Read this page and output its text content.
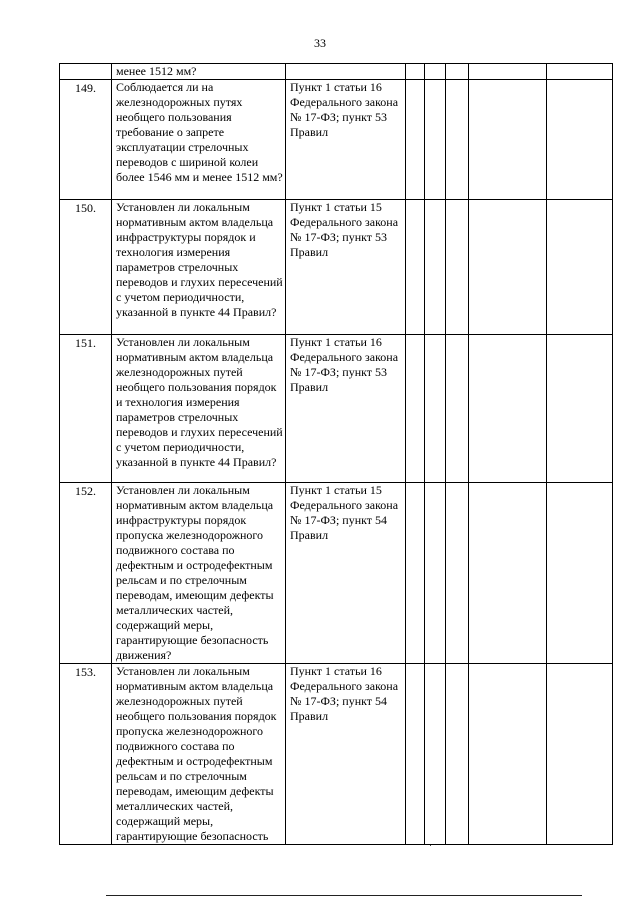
33

	менее 1512 мм?						

149.	Соблюдается ли на железнодорожных путях необщего пользования требование о запрете эксплуатации стрелочных переводов с шириной колеи более 1546 мм и менее 1512 мм?	Пункт 1 статьи 16 Федерального закона № 17-ФЗ; пункт 53 Правил					

150.	Установлен ли локальным нормативным актом владельца инфраструктуры порядок и технология измерения параметров стрелочных переводов и глухих пересечений с учетом периодичности, указанной в пункте 44 Правил?	Пункт 1 статьи 15 Федерального закона № 17-ФЗ; пункт 53 Правил					

151.	Установлен ли локальным нормативным актом владельца железнодорожных путей необщего пользования порядок и технология измерения параметров стрелочных переводов и глухих пересечений с учетом периодичности, указанной в пункте 44 Правил?	Пункт 1 статьи 16 Федерального закона № 17-ФЗ; пункт 53 Правил					

152.	Установлен ли локальным нормативным актом владельца инфраструктуры порядок пропуска железнодорожного подвижного состава по дефектным и остродефектным рельсам и по стрелочным переводам, имеющим дефекты металлических частей, содержащий меры, гарантирующие безопасность движения?	Пункт 1 статьи 15 Федерального закона № 17-ФЗ; пункт 54 Правил					

153.	Установлен ли локальным нормативным актом владельца железнодорожных путей необщего пользования порядок пропуска железнодорожного подвижного состава по дефектным и остродефектным рельсам и по стрелочным переводам, имеющим дефекты металлических частей, содержащий меры, гарантирующие безопасность	Пункт 1 статьи 16 Федерального закона № 17-ФЗ; пункт 54 Правил					
